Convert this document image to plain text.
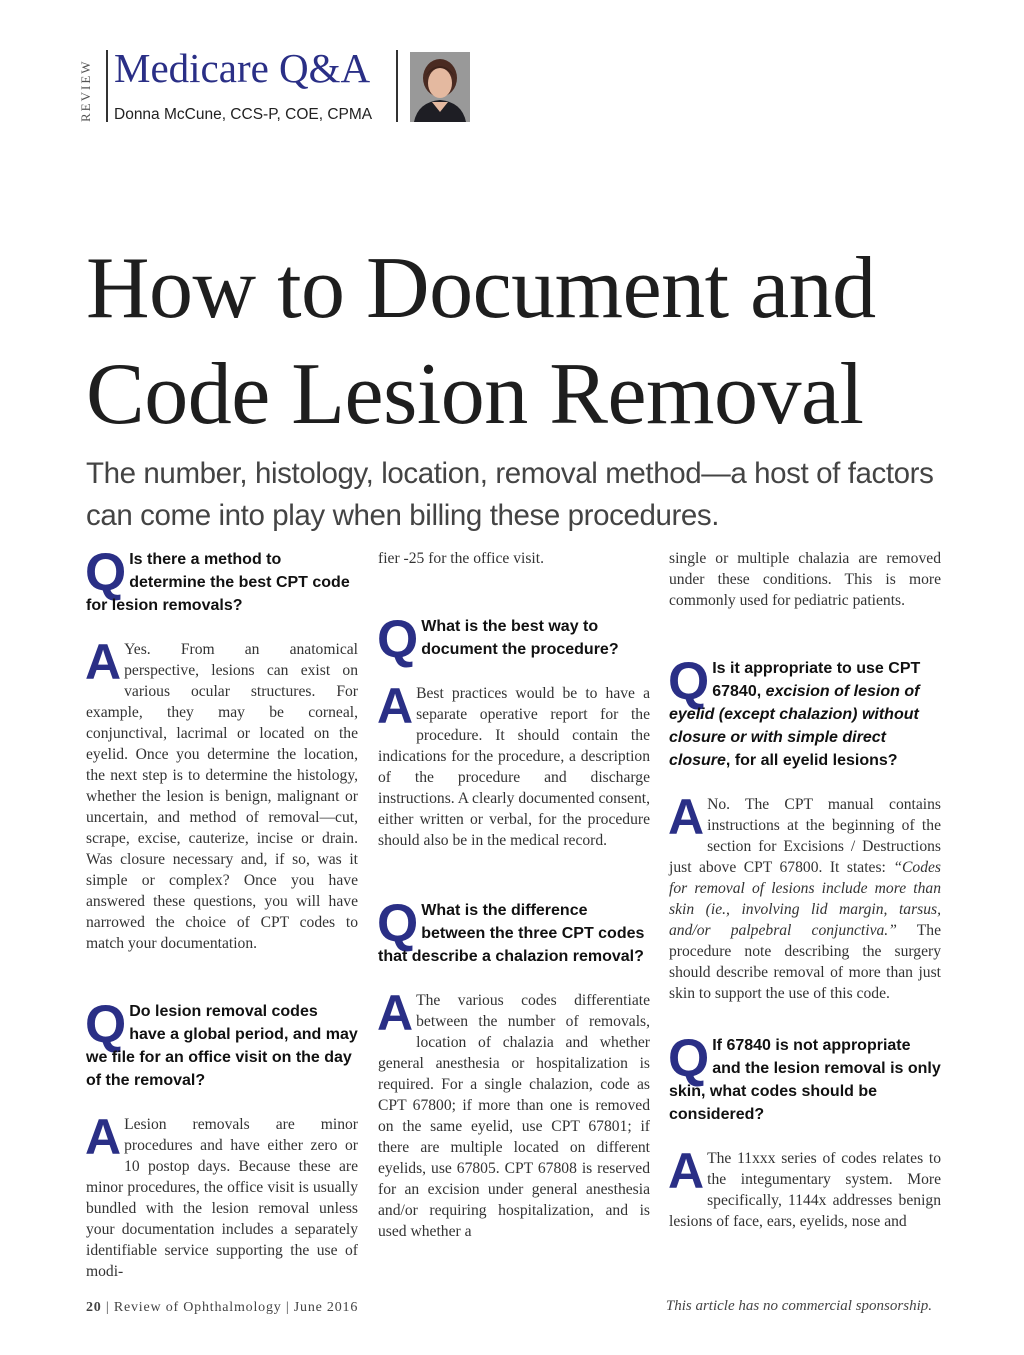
REVIEW Medicare Q&A
Donna McCune, CCS-P, COE, CPMA
How to Document and Code Lesion Removal
The number, histology, location, removal method—a host of factors can come into play when billing these procedures.

Q Is there a method to determine the best CPT code for lesion removals?

A Yes. From an anatomical perspective, lesions can exist on various ocular structures. For example, they may be corneal, conjunctival, lacrimal or located on the eyelid. Once you determine the location, the next step is to determine the histology, whether the lesion is benign, malignant or uncertain, and method of removal—cut, scrape, excise, cauterize, incise or drain. Was closure necessary and, if so, was it simple or complex? Once you have answered these questions, you will have narrowed the choice of CPT codes to match your documentation.

Q Do lesion removal codes have a global period, and may we file for an office visit on the day of the removal?

A Lesion removals are minor procedures and have either zero or 10 postop days. Because these are minor procedures, the office visit is usually bundled with the lesion removal unless your documentation includes a separately identifiable service supporting the use of modi-

fier -25 for the office visit.

Q What is the best way to document the procedure?

A Best practices would be to have a separate operative report for the procedure. It should contain the indications for the procedure, a description of the procedure and discharge instructions. A clearly documented consent, either written or verbal, for the procedure should also be in the medical record.

Q What is the difference between the three CPT codes that describe a chalazion removal?

A The various codes differentiate between the number of removals, location of chalazia and whether general anesthesia or hospitalization is required. For a single chalazion, code as CPT 67800; if more than one is removed on the same eyelid, use CPT 67801; if there are multiple located on different eyelids, use 67805. CPT 67808 is reserved for an excision under general anesthesia and/or requiring hospitalization, and is used whether a

single or multiple chalazia are removed under these conditions. This is more commonly used for pediatric patients.

Q Is it appropriate to use CPT 67840, excision of lesion of eyelid (except chalazion) without closure or with simple direct closure, for all eyelid lesions?

A No. The CPT manual contains instructions at the beginning of the section for Excisions / Destructions just above CPT 67800. It states: “Codes for removal of lesions include more than skin (ie., involving lid margin, tarsus, and/or palpebral conjunctiva.” The procedure note describing the surgery should describe removal of more than just skin to support the use of this code.

Q If 67840 is not appropriate and the lesion removal is only skin, what codes should be considered?

A The 11xxx series of codes relates to the integumentary system. More specifically, 1144x addresses benign lesions of face, ears, eyelids, nose and

20 | Review of Ophthalmology | June 2016	This article has no commercial sponsorship.
